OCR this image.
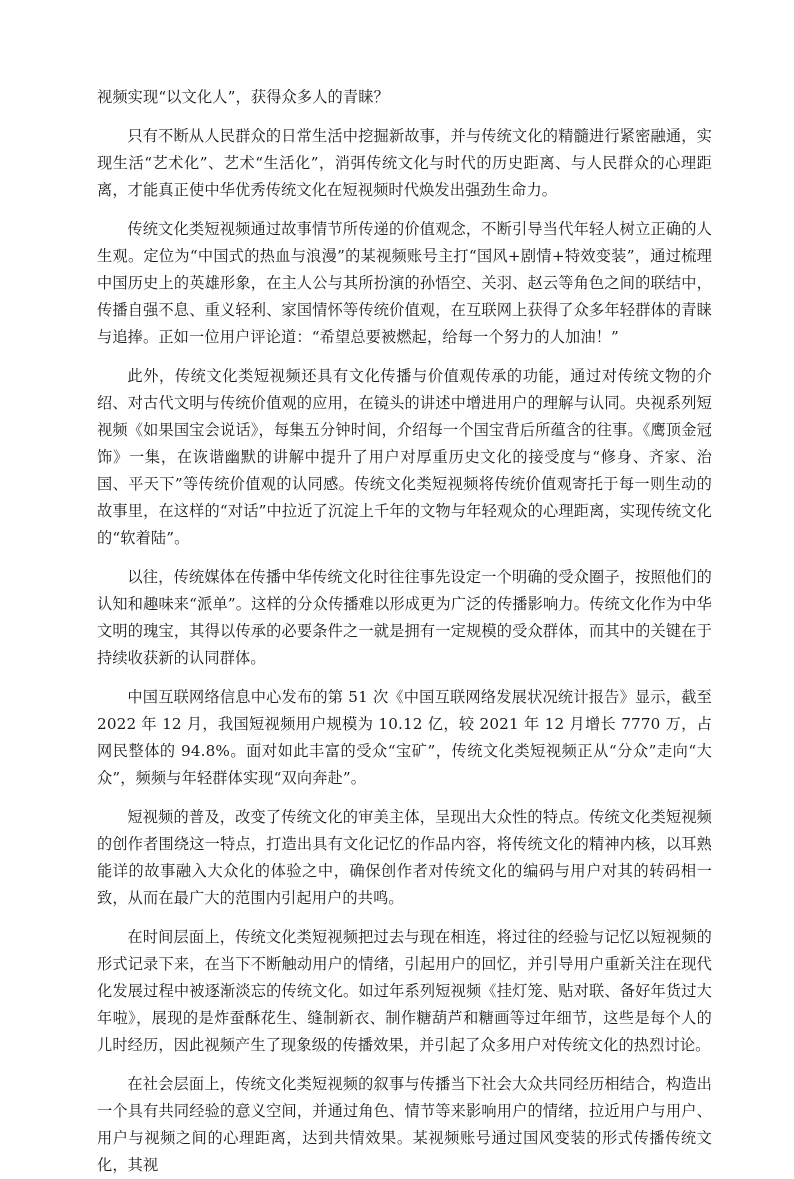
视频实现“以文化人”，获得众多人的青睐？

只有不断从人民群众的日常生活中挖掘新故事，并与传统文化的精髓进行紧密融通，实现生活“艺术化”、艺术“生活化”，消弭传统文化与时代的历史距离、与人民群众的心理距离，才能真正使中华优秀传统文化在短视频时代焕发出强劲生命力。

传统文化类短视频通过故事情节所传递的价值观念，不断引导当代年轻人树立正确的人生观。定位为“中国式的热血与浪漫”的某视频账号主打“国风+剧情+特效变装”，通过梳理中国历史上的英雄形象，在主人公与其所扮演的孙悟空、关羽、赵云等角色之间的联结中，传播自强不息、重义轻利、家国情怀等传统价值观，在互联网上获得了众多年轻群体的青睐与追捧。正如一位用户评论道：“希望总要被燃起，给每一个努力的人加油！”

此外，传统文化类短视频还具有文化传播与价值观传承的功能，通过对传统文物的介绍、对古代文明与传统价值观的应用，在镜头的讲述中增进用户的理解与认同。央视系列短视频《如果国宝会说话》，每集五分钟时间，介绍每一个国宝背后所蕴含的往事。《鹰顶金冠饰》一集，在诙谐幽默的讲解中提升了用户对厚重历史文化的接受度与“修身、齐家、治国、平天下”等传统价值观的认同感。传统文化类短视频将传统价值观寄托于每一则生动的故事里，在这样的“对话”中拉近了沉淀上千年的文物与年轻观众的心理距离，实现传统文化的“软着陆”。

以往，传统媒体在传播中华传统文化时往往事先设定一个明确的受众圈子，按照他们的认知和趣味来“派单”。这样的分众传播难以形成更为广泛的传播影响力。传统文化作为中华文明的瑰宝，其得以传承的必要条件之一就是拥有一定规模的受众群体，而其中的关键在于持续收获新的认同群体。

中国互联网络信息中心发布的第 51 次《中国互联网络发展状况统计报告》显示，截至 2022 年 12 月，我国短视频用户规模为 10.12 亿，较 2021 年 12 月增长 7770 万，占网民整体的 94.8%。面对如此丰富的受众“宝矿”，传统文化类短视频正从“分众”走向“大众”，频频与年轻群体实现“双向奔赴”。

短视频的普及，改变了传统文化的审美主体，呈现出大众性的特点。传统文化类短视频的创作者围绕这一特点，打造出具有文化记忆的作品内容，将传统文化的精神内核，以耳熟能详的故事融入大众化的体验之中，确保创作者对传统文化的编码与用户对其的转码相一致，从而在最广大的范围内引起用户的共鸣。

在时间层面上，传统文化类短视频把过去与现在相连，将过往的经验与记忆以短视频的形式记录下来，在当下不断触动用户的情绪，引起用户的回忆，并引导用户重新关注在现代化发展过程中被逐渐淡忘的传统文化。如过年系列短视频《挂灯笼、贴对联、备好年货过大年啦》，展现的是炸蚕酥花生、缝制新衣、制作糖葫芦和糖画等过年细节，这些是每个人的儿时经历，因此视频产生了现象级的传播效果，并引起了众多用户对传统文化的热烈讨论。

在社会层面上，传统文化类短视频的叙事与传播当下社会大众共同经历相结合，构造出一个具有共同经验的意义空间，并通过角色、情节等来影响用户的情绪，拉近用户与用户、用户与视频之间的心理距离，达到共情效果。某视频账号通过国风变装的形式传播传统文化，其视
